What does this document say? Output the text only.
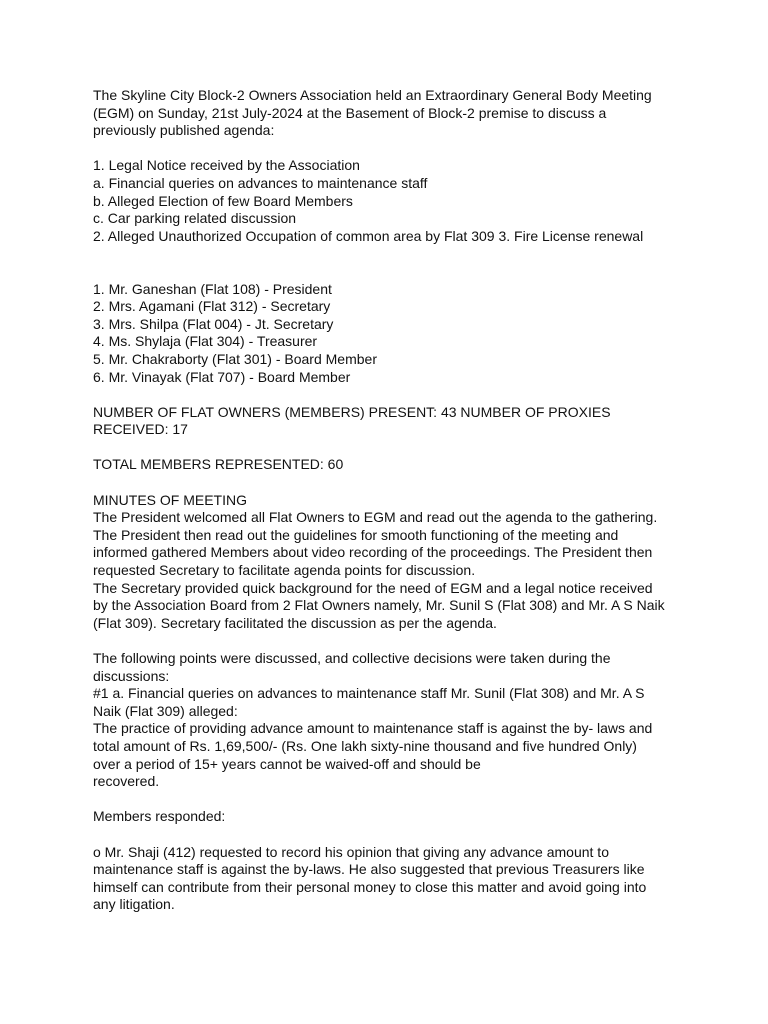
The Skyline City Block-2 Owners Association held an Extraordinary General Body Meeting
(EGM) on Sunday, 21st July-2024 at the Basement of Block-2 premise to discuss a
previously published agenda:

1. Legal Notice received by the Association
a. Financial queries on advances to maintenance staff
b. Alleged Election of few Board Members
c. Car parking related discussion
2. Alleged Unauthorized Occupation of common area by Flat 309 3. Fire License renewal
1. Mr. Ganeshan (Flat 108) - President
2. Mrs. Agamani (Flat 312) - Secretary
3. Mrs. Shilpa (Flat 004) - Jt. Secretary
4. Ms. Shylaja (Flat 304) - Treasurer
5. Mr. Chakraborty (Flat 301) - Board Member
6. Mr. Vinayak (Flat 707) - Board Member

NUMBER OF FLAT OWNERS (MEMBERS) PRESENT: 43 NUMBER OF PROXIES
RECEIVED: 17

TOTAL MEMBERS REPRESENTED: 60

MINUTES OF MEETING
The President welcomed all Flat Owners to EGM and read out the agenda to the gathering.
The President then read out the guidelines for smooth functioning of the meeting and
informed gathered Members about video recording of the proceedings. The President then
requested Secretary to facilitate agenda points for discussion.
The Secretary provided quick background for the need of EGM and a legal notice received
by the Association Board from 2 Flat Owners namely, Mr. Sunil S (Flat 308) and Mr. A S Naik
(Flat 309). Secretary facilitated the discussion as per the agenda.

The following points were discussed, and collective decisions were taken during the
discussions:
#1 a. Financial queries on advances to maintenance staff Mr. Sunil (Flat 308) and Mr. A S
Naik (Flat 309) alleged:
The practice of providing advance amount to maintenance staff is against the by- laws and
total amount of Rs. 1,69,500/- (Rs. One lakh sixty-nine thousand and five hundred Only)
over a period of 15+ years cannot be waived-off and should be
recovered.

Members responded:

o Mr. Shaji (412) requested to record his opinion that giving any advance amount to
maintenance staff is against the by-laws. He also suggested that previous Treasurers like
himself can contribute from their personal money to close this matter and avoid going into
any litigation.
